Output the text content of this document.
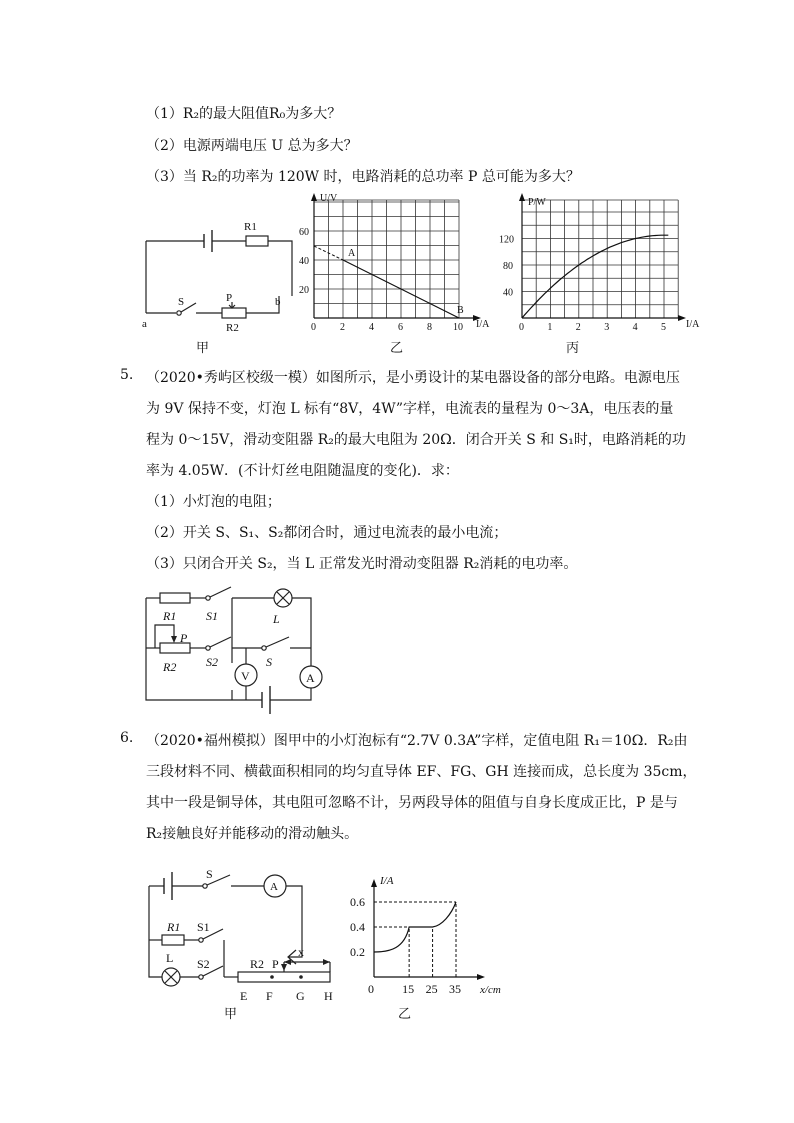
（1）R₂的最大阻值R₀为多大？
（2）电源两端电压 U 总为多大？
（3）当 R₂的功率为 120W 时，电路消耗的总功率 P 总可能为多大？
R1
S	P
R2
a
b
甲
20
40
60
0 2 4 6 8 10
U/V
I/A
A
B
乙
40
80
120
0 1 2 3 4 5
P/W
I/A
丙
5. （2020•秀屿区校级一模）如图所示，是小勇设计的某电器设备的部分电路。电源电压
为 9V 保持不变，灯泡 L 标有“8V，4W”字样，电流表的量程为 0～3A，电压表的量
程为 0～15V，滑动变阻器 R₂的最大电阻为 20Ω．闭合开关 S 和 S₁时，电路消耗的功
率为 4.05W．(不计灯丝电阻随温度的变化)．求：
（1）小灯泡的电阻；
（2）开关 S、S₁、S₂都闭合时，通过电流表的最小电流；
（3）只闭合开关 S₂，当 L 正常发光时滑动变阻器 R₂消耗的电功率。
R1 S1	L
P
R2 S2	S
V	A
6. （2020•福州模拟）图甲中的小灯泡标有“2.7V 0.3A”字样，定值电阻 R₁＝10Ω．R₂由
三段材料不同、横截面积相同的均匀直导体 EF、FG、GH 连接而成，总长度为 35cm，
其中一段是铜导体，其电阻可忽略不计，另两段导体的阻值与自身长度成正比，P 是与
R₂接触良好并能移动的滑动触头。
S
A
R1 S1
L S2	R2 P
x
E F G H
甲
0.2
0.4
0.6
15 25 35
I/A
x/cm
0
乙
